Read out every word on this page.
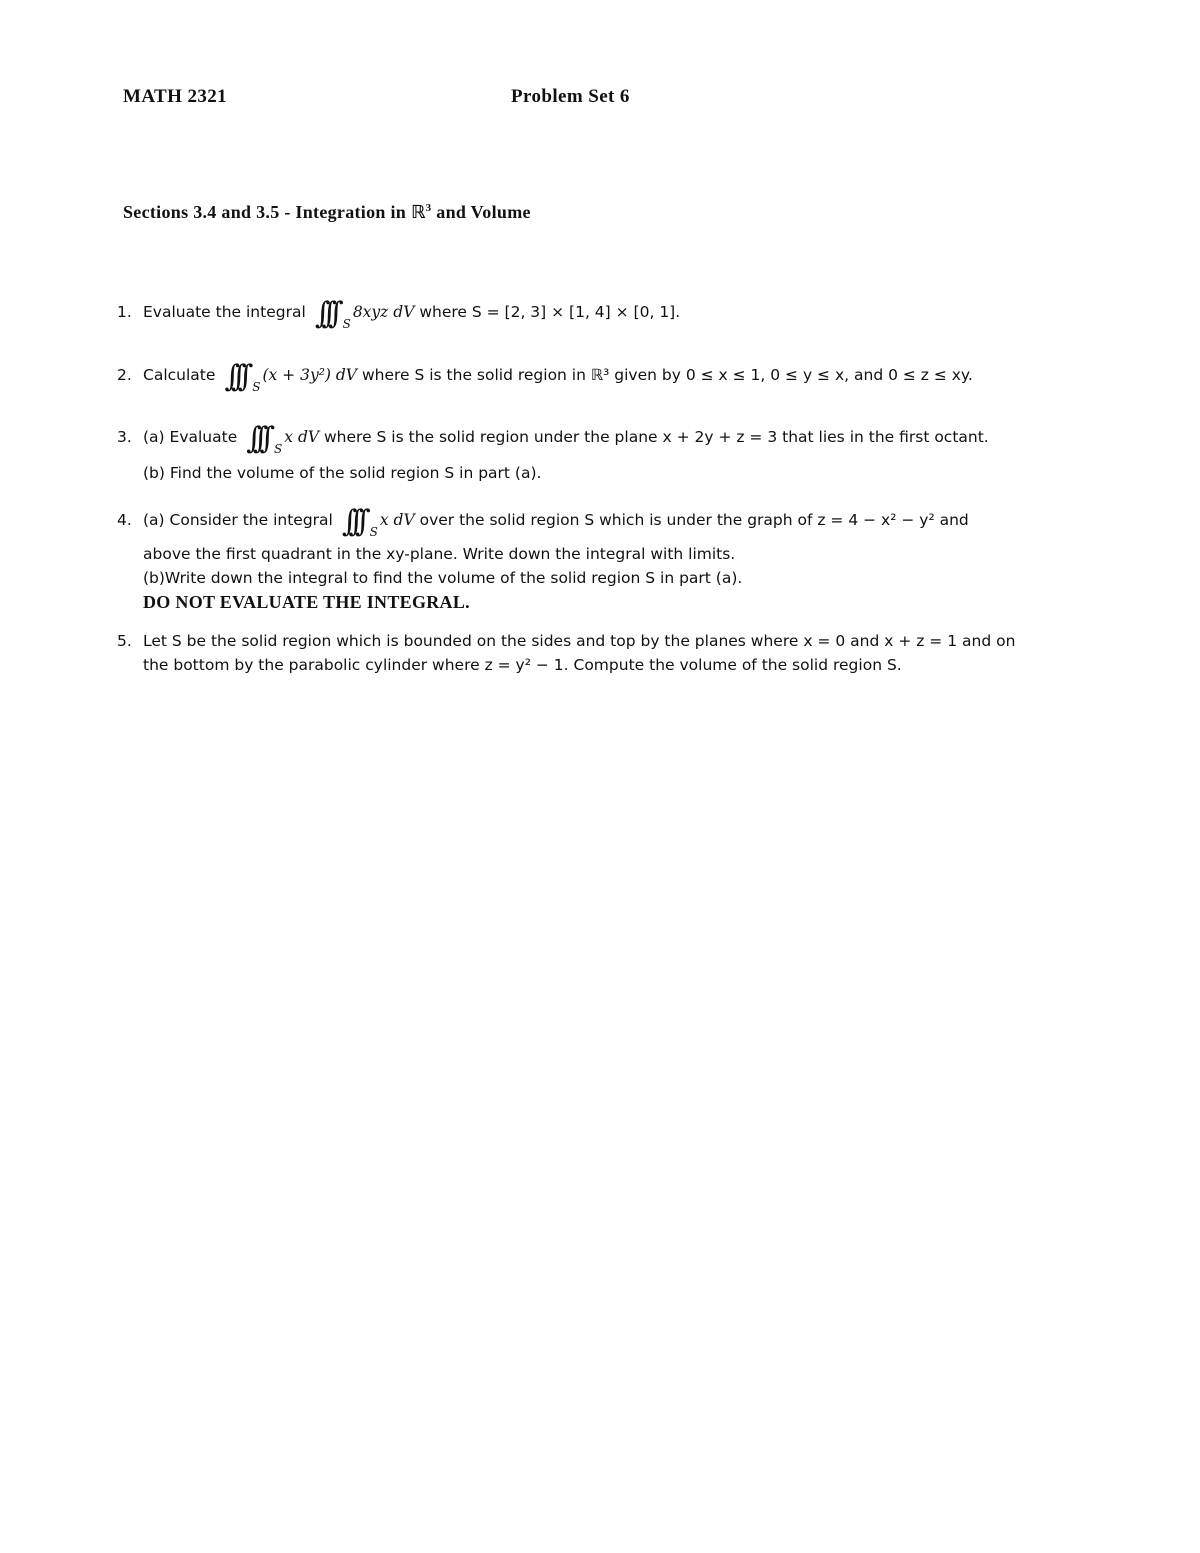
MATH 2321	Problem Set 6
Sections 3.4 and 3.5 - Integration in ℝ$^3$ and Volume
1. Evaluate the integral ∫∫∫ $_S$8xyz dV where S = [2, 3] × [1, 4] × [0, 1].
2. Calculate ∫∫∫ $_S$(x + 3y²) dV where S is the solid region in ℝ³ given by 0 ≤ x ≤ 1, 0 ≤ y ≤ x, and 0 ≤ z ≤ xy.
3. (a) Evaluate ∫∫∫ $_S$x dV where S is the solid region under the plane x + 2y + z = 3 that lies in the first octant.
(b) Find the volume of the solid region S in part (a).
4. (a) Consider the integral ∫∫∫ $_S$x dV over the solid region S which is under the graph of z = 4 − x² − y² and
above the first quadrant in the xy-plane. Write down the integral with limits.
(b)Write down the integral to find the volume of the solid region S in part (a).
DO NOT EVALUATE THE INTEGRAL.
5. Let S be the solid region which is bounded on the sides and top by the planes where x = 0 and x + z = 1 and on
the bottom by the parabolic cylinder where z = y² − 1. Compute the volume of the solid region S.
